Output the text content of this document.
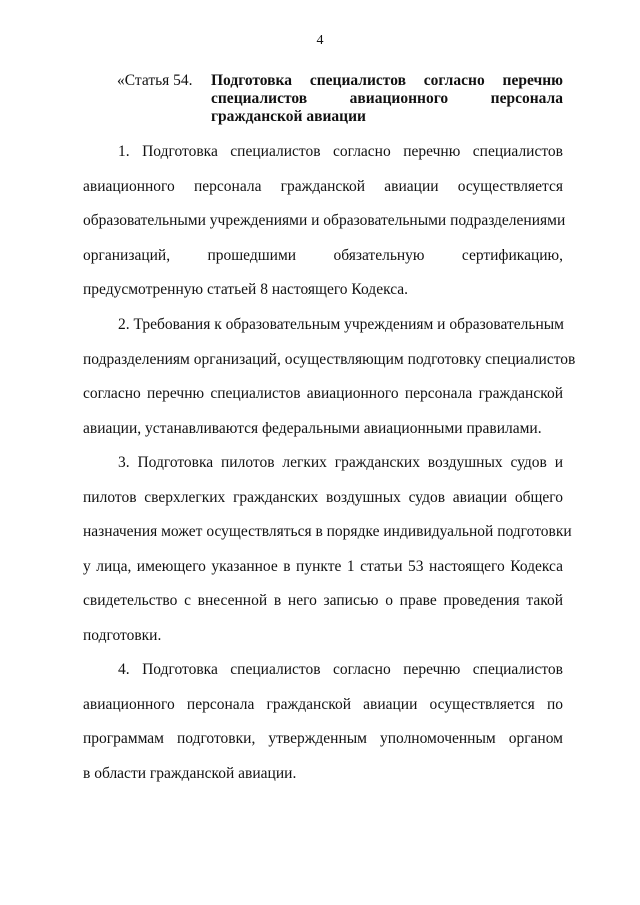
4
«Статья 54. Подготовка специалистов согласно перечню
специалистов авиационного персонала
гражданской авиации
1. Подготовка специалистов согласно перечню специалистов
авиационного персонала гражданской авиации осуществляется
образовательными учреждениями и образовательными подразделениями
организаций, прошедшими обязательную сертификацию,
предусмотренную статьей 8 настоящего Кодекса.
2. Требования к образовательным учреждениям и образовательным
подразделениям организаций, осуществляющим подготовку специалистов
согласно перечню специалистов авиационного персонала гражданской
авиации, устанавливаются федеральными авиационными правилами.
3. Подготовка пилотов легких гражданских воздушных судов и
пилотов сверхлегких гражданских воздушных судов авиации общего
назначения может осуществляться в порядке индивидуальной подготовки
у лица, имеющего указанное в пункте 1 статьи 53 настоящего Кодекса
свидетельство с внесенной в него записью о праве проведения такой
подготовки.
4. Подготовка специалистов согласно перечню специалистов
авиационного персонала гражданской авиации осуществляется по
программам подготовки, утвержденным уполномоченным органом
в области гражданской авиации.
